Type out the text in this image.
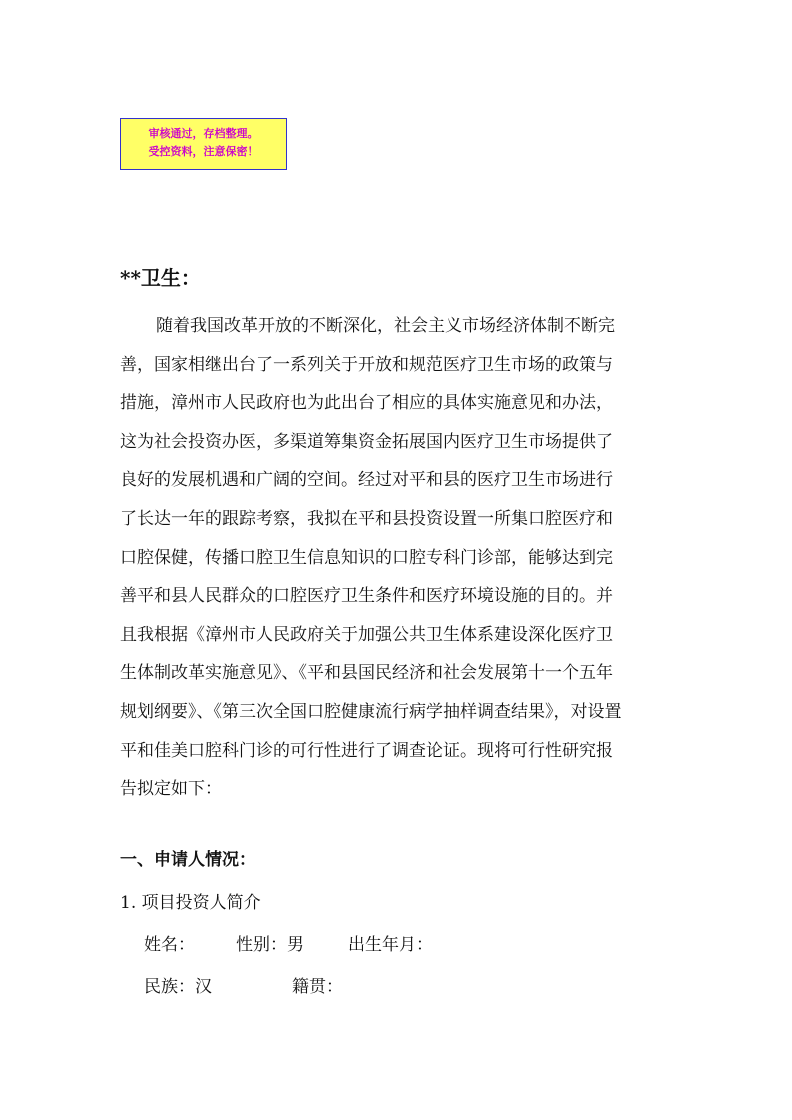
审核通过，存档整理。
受控资料，注意保密！
**卫生：
随着我国改革开放的不断深化，社会主义市场经济体制不断完
善，国家相继出台了一系列关于开放和规范医疗卫生市场的政策与
措施，漳州市人民政府也为此出台了相应的具体实施意见和办法，
这为社会投资办医，多渠道筹集资金拓展国内医疗卫生市场提供了
良好的发展机遇和广阔的空间。经过对平和县的医疗卫生市场进行
了长达一年的跟踪考察，我拟在平和县投资设置一所集口腔医疗和
口腔保健，传播口腔卫生信息知识的口腔专科门诊部，能够达到完
善平和县人民群众的口腔医疗卫生条件和医疗环境设施的目的。并
且我根据《漳州市人民政府关于加强公共卫生体系建设深化医疗卫
生体制改革实施意见》、《平和县国民经济和社会发展第十一个五年
规划纲要》、《第三次全国口腔健康流行病学抽样调查结果》，对设置
平和佳美口腔科门诊的可行性进行了调查论证。现将可行性研究报
告拟定如下：
一、申请人情况：
1. 项目投资人简介
姓名： 性别：男	出生年月：
民族：汉	籍贯：
